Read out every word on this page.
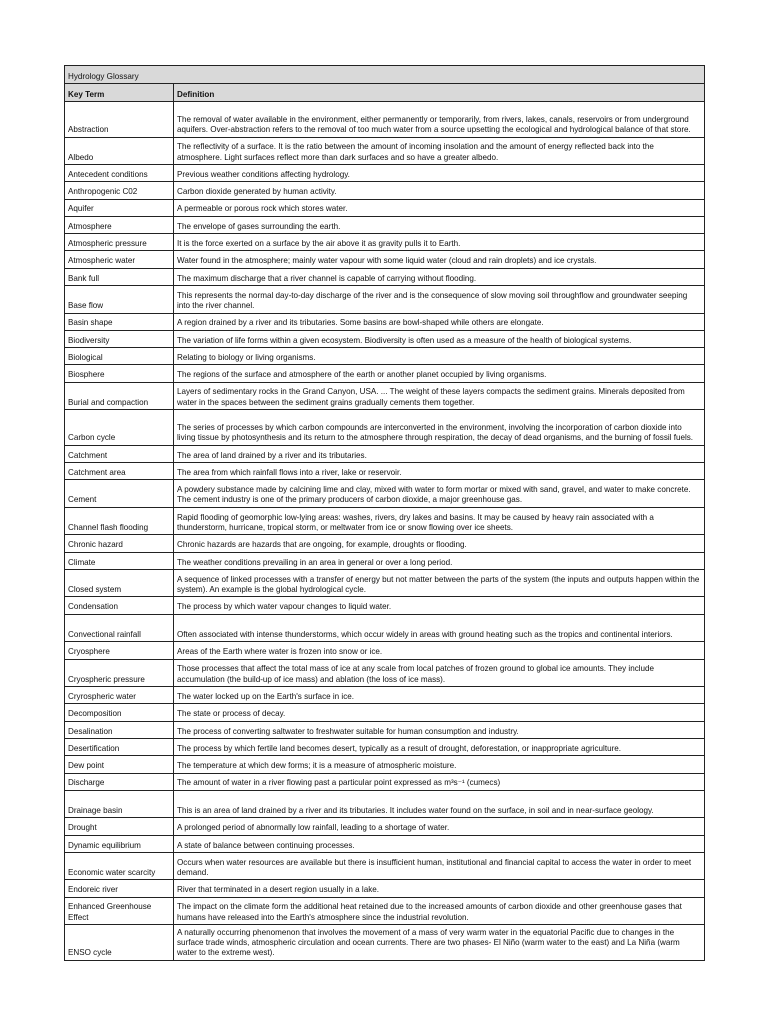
Hydrology Glossary	
Key Term	Definition
Abstraction	The removal of water available in the environment, either permanently or temporarily, from rivers, lakes, canals, reservoirs or from underground aquifers. Over-abstraction refers to the removal of too much water from a source upsetting the ecological and hydrological balance of that store.
Albedo	The reflectivity of a surface. It is the ratio between the amount of incoming insolation and the amount of energy reflected back into the atmosphere. Light surfaces reflect more than dark surfaces and so have a greater albedo.
Antecedent conditions	Previous weather conditions affecting hydrology.
Anthropogenic C02	Carbon dioxide generated by human activity.
Aquifer	A permeable or porous rock which stores water.
Atmosphere	The envelope of gases surrounding the earth.
Atmospheric pressure	It is the force exerted on a surface by the air above it as gravity pulls it to Earth.
Atmospheric water	Water found in the atmosphere; mainly water vapour with some liquid water (cloud and rain droplets) and ice crystals.
Bank full	The maximum discharge that a river channel is capable of carrying without flooding.
Base flow	This represents the normal day-to-day discharge of the river and is the consequence of slow moving soil throughflow and groundwater seeping into the river channel.
Basin shape	A region drained by a river and its tributaries. Some basins are bowl-shaped while others are elongate.
Biodiversity	The variation of life forms within a given ecosystem. Biodiversity is often used as a measure of the health of biological systems.
Biological	Relating to biology or living organisms.
Biosphere	The regions of the surface and atmosphere of the earth or another planet occupied by living organisms.
Burial and compaction	Layers of sedimentary rocks in the Grand Canyon, USA. ... The weight of these layers compacts the sediment grains. Minerals deposited from water in the spaces between the sediment grains gradually cements them together.
Carbon cycle	The series of processes by which carbon compounds are interconverted in the environment, involving the incorporation of carbon dioxide into living tissue by photosynthesis and its return to the atmosphere through respiration, the decay of dead organisms, and the burning of fossil fuels.
Catchment	The area of land drained by a river and its tributaries.
Catchment area	The area from which rainfall flows into a river, lake or reservoir.
Cement	A powdery substance made by calcining lime and clay, mixed with water to form mortar or mixed with sand, gravel, and water to make concrete. The cement industry is one of the primary producers of carbon dioxide, a major greenhouse gas.
Channel flash flooding	Rapid flooding of geomorphic low-lying areas: washes, rivers, dry lakes and basins. It may be caused by heavy rain associated with a thunderstorm, hurricane, tropical storm, or meltwater from ice or snow flowing over ice sheets.
Chronic hazard	Chronic hazards are hazards that are ongoing, for example, droughts or flooding.
Climate	The weather conditions prevailing in an area in general or over a long period.
Closed system	A sequence of linked processes with a transfer of energy but not matter between the parts of the system (the inputs and outputs happen within the system). An example is the global hydrological cycle.
Condensation	The process by which water vapour changes to liquid water.
Convectional rainfall	Often associated with intense thunderstorms, which occur widely in areas with ground heating such as the tropics and continental interiors.
Cryosphere	Areas of the Earth where water is frozen into snow or ice.
Cryospheric pressure	Those processes that affect the total mass of ice at any scale from local patches of frozen ground to global ice amounts. They include accumulation (the build-up of ice mass) and ablation (the loss of ice mass).
Cryrospheric water	The water locked up on the Earth's surface in ice.
Decomposition	The state or process of decay.
Desalination	The process of converting saltwater to freshwater suitable for human consumption and industry.
Desertification	The process by which fertile land becomes desert, typically as a result of drought, deforestation, or inappropriate agriculture.
Dew point	The temperature at which dew forms; it is a measure of atmospheric moisture.
Discharge	The amount of water in a river flowing past a particular point expressed as m³s⁻¹ (cumecs)
Drainage basin	This is an area of land drained by a river and its tributaries. It includes water found on the surface, in soil and in near-surface geology.
Drought	A prolonged period of abnormally low rainfall, leading to a shortage of water.
Dynamic equilibrium	A state of balance between continuing processes.
Economic water scarcity	Occurs when water resources are available but there is insufficient human, institutional and financial capital to access the water in order to meet demand.
Endoreic river	River that terminated in a desert region usually in a lake.
Enhanced Greenhouse Effect	The impact on the climate form the additional heat retained due to the increased amounts of carbon dioxide and other greenhouse gases that humans have released into the Earth's atmosphere since the industrial revolution.
ENSO cycle	A naturally occurring phenomenon that involves the movement of a mass of very warm water in the equatorial Pacific due to changes in the surface trade winds, atmospheric circulation and ocean currents. There are two phases- El Niño (warm water to the east) and La Niña (warm water to the extreme west).
